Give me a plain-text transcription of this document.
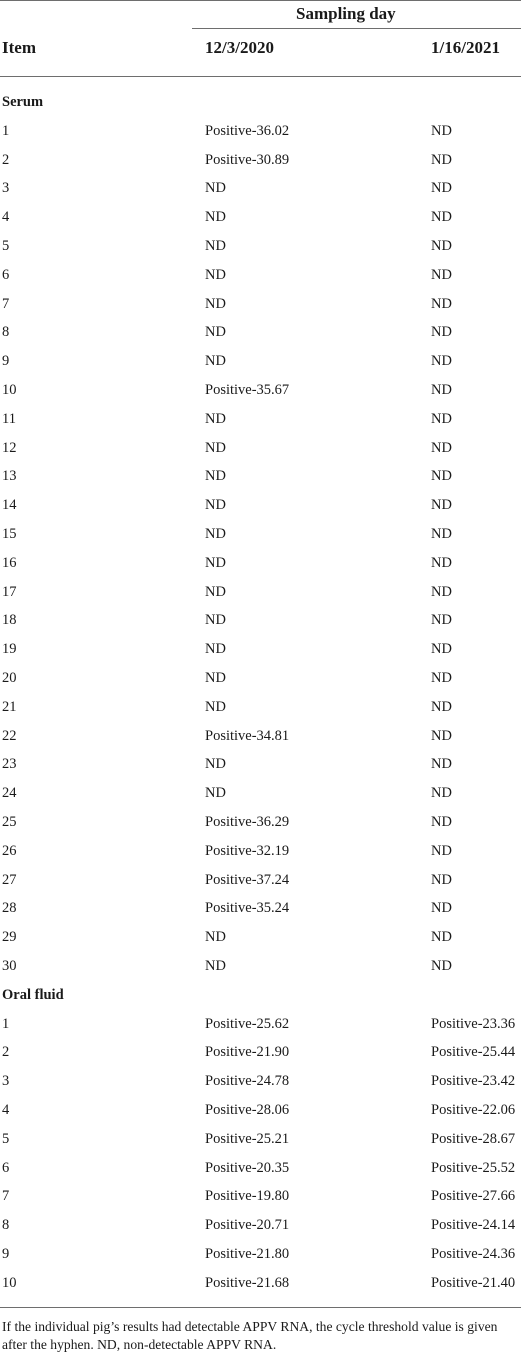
Sampling day
Item	12/3/2020	1/16/2021
Serum
1	Positive-36.02	ND
2	Positive-30.89	ND
3	ND	ND
4	ND	ND
5	ND	ND
6	ND	ND
7	ND	ND
8	ND	ND
9	ND	ND
10	Positive-35.67	ND
11	ND	ND
12	ND	ND
13	ND	ND
14	ND	ND
15	ND	ND
16	ND	ND
17	ND	ND
18	ND	ND
19	ND	ND
20	ND	ND
21	ND	ND
22	Positive-34.81	ND
23	ND	ND
24	ND	ND
25	Positive-36.29	ND
26	Positive-32.19	ND
27	Positive-37.24	ND
28	Positive-35.24	ND
29	ND	ND
30	ND	ND
Oral fluid
1	Positive-25.62	Positive-23.36
2	Positive-21.90	Positive-25.44
3	Positive-24.78	Positive-23.42
4	Positive-28.06	Positive-22.06
5	Positive-25.21	Positive-28.67
6	Positive-20.35	Positive-25.52
7	Positive-19.80	Positive-27.66
8	Positive-20.71	Positive-24.14
9	Positive-21.80	Positive-24.36
10	Positive-21.68	Positive-21.40
If the individual pig’s results had detectable APPV RNA, the cycle threshold value is given after the hyphen. ND, non-detectable APPV RNA.
